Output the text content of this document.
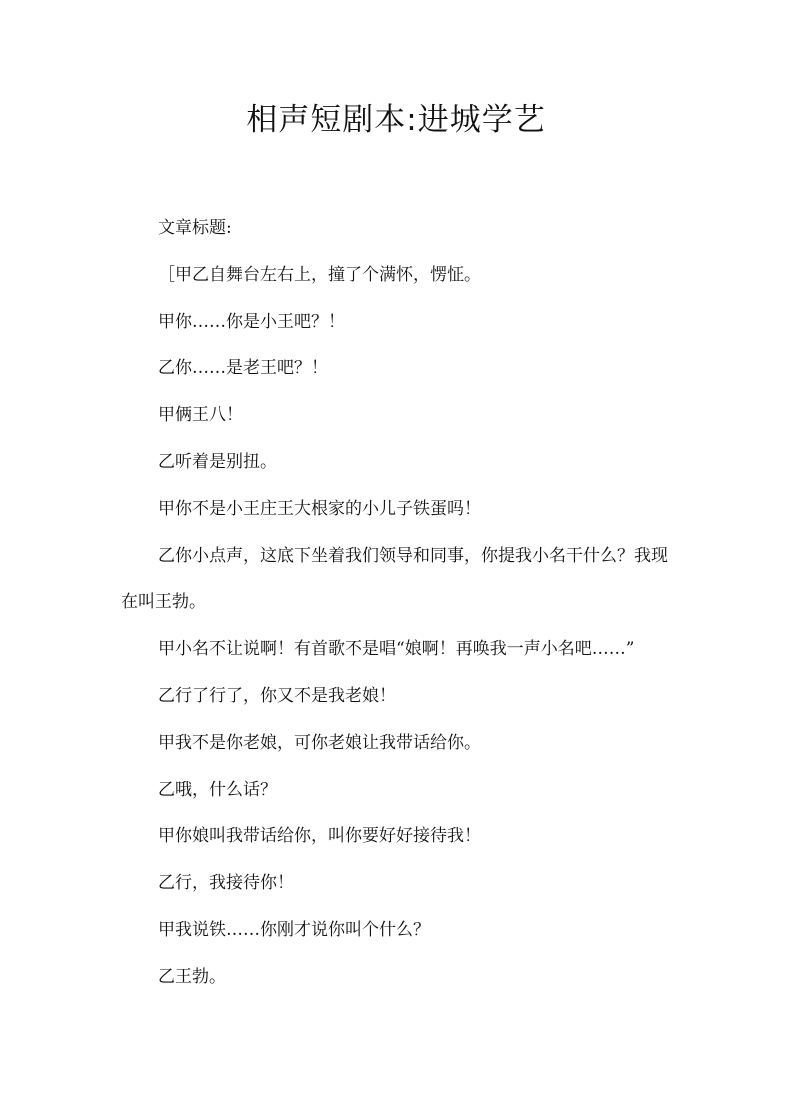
相声短剧本:进城学艺

文章标题:

［甲乙自舞台左右上，撞了个满怀，愣怔。

甲你……你是小王吧？！

乙你……是老王吧？！

甲俩王八！

乙听着是别扭。

甲你不是小王庄王大根家的小儿子铁蛋吗！

乙你小点声，这底下坐着我们领导和同事，你提我小名干什么？我现在叫王勃。

甲小名不让说啊！有首歌不是唱“娘啊！再唤我一声小名吧……”

乙行了行了，你又不是我老娘！

甲我不是你老娘，可你老娘让我带话给你。

乙哦，什么话？

甲你娘叫我带话给你，叫你要好好接待我！

乙行，我接待你！

甲我说铁……你刚才说你叫个什么？

乙王勃。
